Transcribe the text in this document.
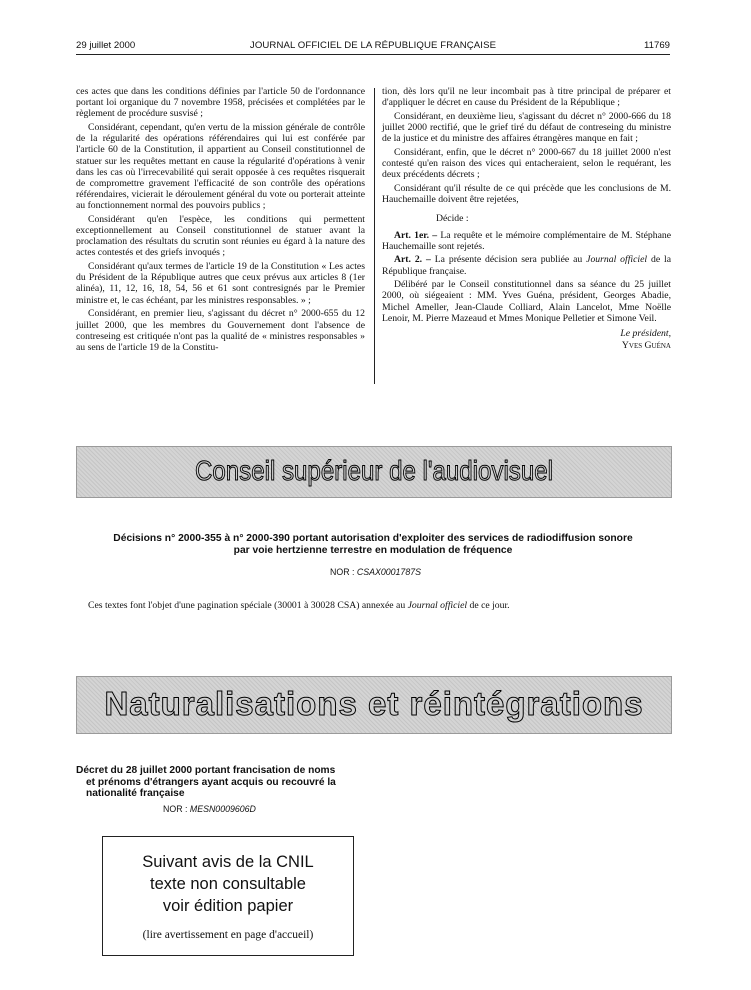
29 juillet 2000	JOURNAL OFFICIEL DE LA RÉPUBLIQUE FRANÇAISE	11769

ces actes que dans les conditions définies par l'article 50 de l'ordonnance portant loi organique du 7 novembre 1958, précisées et complétées par le règlement de procédure susvisé ;

Considérant, cependant, qu'en vertu de la mission générale de contrôle de la régularité des opérations référendaires qui lui est conférée par l'article 60 de la Constitution, il appartient au Conseil constitutionnel de statuer sur les requêtes mettant en cause la régularité d'opérations à venir dans les cas où l'irrecevabilité qui serait opposée à ces requêtes risquerait de compromettre gravement l'efficacité de son contrôle des opérations référendaires, vicierait le déroulement général du vote ou porterait atteinte au fonctionnement normal des pouvoirs publics ;

Considérant qu'en l'espèce, les conditions qui permettent exceptionnellement au Conseil constitutionnel de statuer avant la proclamation des résultats du scrutin sont réunies eu égard à la nature des actes contestés et des griefs invoqués ;

Considérant qu'aux termes de l'article 19 de la Constitution « Les actes du Président de la République autres que ceux prévus aux articles 8 (1er alinéa), 11, 12, 16, 18, 54, 56 et 61 sont contresignés par le Premier ministre et, le cas échéant, par les ministres responsables. » ;

Considérant, en premier lieu, s'agissant du décret n° 2000-655 du 12 juillet 2000, que les membres du Gouvernement dont l'absence de contreseing est critiquée n'ont pas la qualité de « ministres responsables » au sens de l'article 19 de la Constitu-

tion, dès lors qu'il ne leur incombait pas à titre principal de préparer et d'appliquer le décret en cause du Président de la République ;

Considérant, en deuxième lieu, s'agissant du décret n° 2000-666 du 18 juillet 2000 rectifié, que le grief tiré du défaut de contreseing du ministre de la justice et du ministre des affaires étrangères manque en fait ;

Considérant, enfin, que le décret n° 2000-667 du 18 juillet 2000 n'est contesté qu'en raison des vices qui entacheraient, selon le requérant, les deux précédents décrets ;

Considérant qu'il résulte de ce qui précède que les conclusions de M. Hauchemaille doivent être rejetées,

Décide :

Art. 1er. – La requête et le mémoire complémentaire de M. Stéphane Hauchemaille sont rejetés.

Art. 2. – La présente décision sera publiée au Journal officiel de la République française.

Délibéré par le Conseil constitutionnel dans sa séance du 25 juillet 2000, où siégeaient : MM. Yves Guéna, président, Georges Abadie, Michel Ameller, Jean-Claude Colliard, Alain Lancelot, Mme Noëlle Lenoir, M. Pierre Mazeaud et Mmes Monique Pelletier et Simone Veil.

Le président,

Yves Guéna

Conseil supérieur de l'audiovisuel
Décisions n° 2000-355 à n° 2000-390 portant autorisation d'exploiter des services de radiodiffusion sonore
par voie hertzienne terrestre en modulation de fréquence
NOR : CSAX0001787S
Ces textes font l'objet d'une pagination spéciale (30001 à 30028 CSA) annexée au Journal officiel de ce jour.
Naturalisations et réintégrations
Décret du 28 juillet 2000 portant francisation de noms
et prénoms d'étrangers ayant acquis ou recouvré la
nationalité française
NOR : MESN0009606D
Suivant avis de la CNIL
texte non consultable
voir édition papier
(lire avertissement en page d'accueil)
